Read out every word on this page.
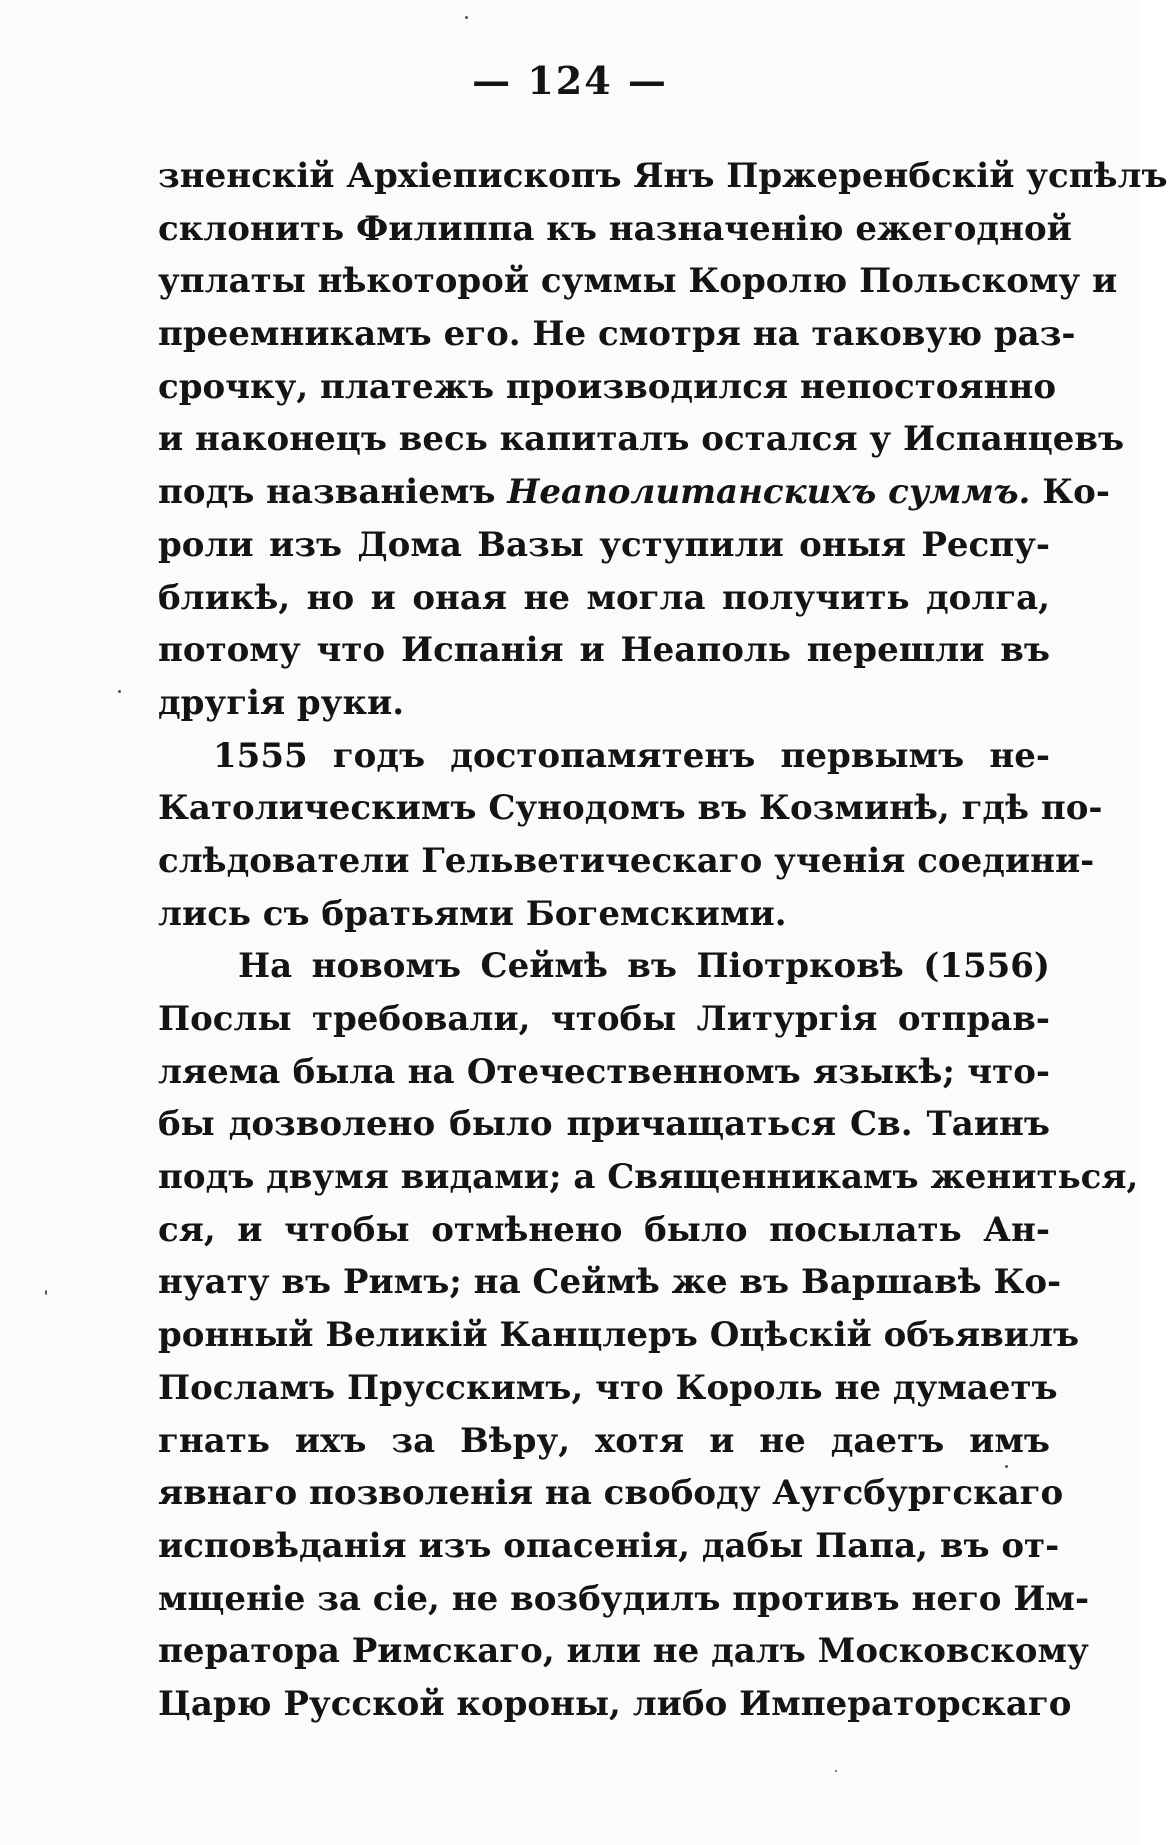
— 124 —
зненскій Архіепископъ Янъ Пржеренбскій успѣлъ
склонить Филиппа къ назначенію ежегодной
уплаты нѣкоторой суммы Королю Польскому и
преемникамъ его. Не смотря на таковую раз-
срочку, платежъ производился непостоянно
и наконецъ весь капиталъ остался у Испанцевъ
подъ названіемъ Неаполитанскихъ суммъ. Ко-
роли изъ Дома Вазы уступили оныя Респу-
бликѣ, но и оная не могла получить долга,
потому что Испанія и Неаполь перешли въ
другія руки.
1555 годъ достопамятенъ первымъ не-
Католическимъ Сунодомъ въ Козминѣ, гдѣ по-
слѣдователи Гельветическаго ученія соедини-
лись съ братьями Богемскими.
На новомъ Сеймѣ въ Піотрковѣ (1556)
Послы требовали, чтобы Литургія отправ-
ляема была на Отечественномъ языкѣ; что-
бы дозволено было причащаться Св. Таинъ
подъ двумя видами; а Священникамъ жениться,
ся, и чтобы отмѣнено было посылать Ан-
нуату въ Римъ; на Сеймѣ же въ Варшавѣ Ко-
ронный Великій Канцлеръ Оцѣскій объявилъ
Посламъ Прусскимъ, что Король не думаетъ
гнать ихъ за Вѣру, хотя и не даетъ имъ
явнаго позволенія на свободу Аугсбургскаго
исповѣданія изъ опасенія, дабы Папа, въ от-
мщеніе за сіе, не возбудилъ противъ него Им-
ператора Римскаго, или не далъ Московскому
Царю Русской короны, либо Императорскаго
